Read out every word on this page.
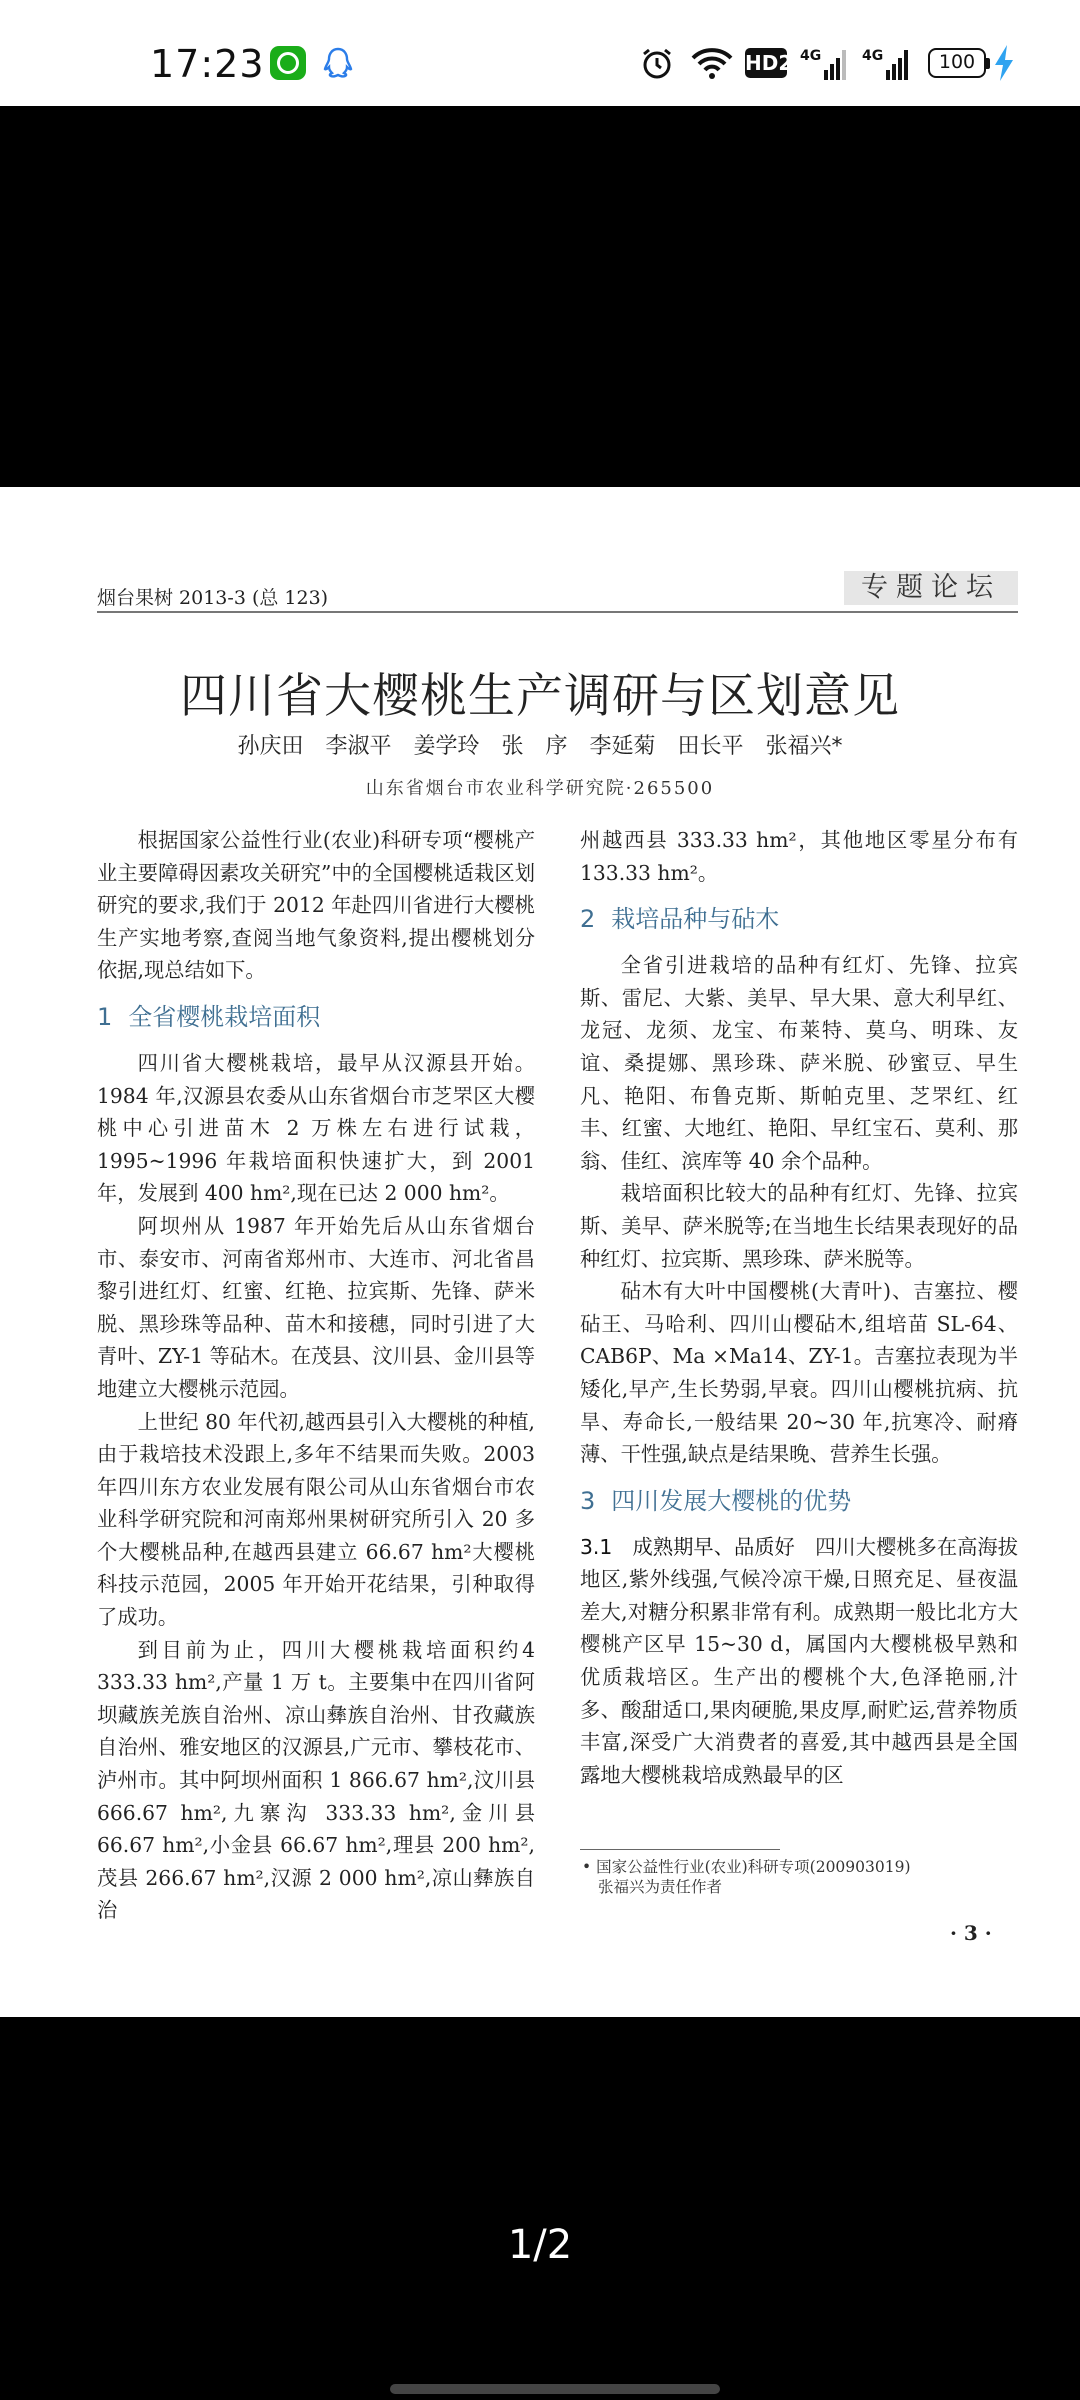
17:23	HD2 4G	4G	100
烟台果树 2013-3 (总 123)	专题论坛
四川省大樱桃生产调研与区划意见
孙庆田　李淑平　姜学玲　张　序　李延菊　田长平　张福兴*
山东省烟台市农业科学研究院·265500

根据国家公益性行业(农业)科研专项“樱桃产业主要障碍因素攻关研究”中的全国樱桃适栽区划研究的要求,我们于 2012 年赴四川省进行大樱桃生产实地考察,查阅当地气象资料,提出樱桃划分依据,现总结如下。

1 全省樱桃栽培面积

四川省大樱桃栽培，最早从汉源县开始。1984 年,汉源县农委从山东省烟台市芝罘区大樱桃中心引进苗木 2 万株左右进行试栽，1995~1996 年栽培面积快速扩大，到 2001 年，发展到 400 hm²,现在已达 2 000 hm²。

阿坝州从 1987 年开始先后从山东省烟台市、泰安市、河南省郑州市、大连市、河北省昌黎引进红灯、红蜜、红艳、拉宾斯、先锋、萨米脱、黑珍珠等品种、苗木和接穗，同时引进了大青叶、ZY-1 等砧木。在茂县、汶川县、金川县等地建立大樱桃示范园。

上世纪 80 年代初,越西县引入大樱桃的种植,由于栽培技术没跟上,多年不结果而失败。2003 年四川东方农业发展有限公司从山东省烟台市农业科学研究院和河南郑州果树研究所引入 20 多个大樱桃品种,在越西县建立 66.67 hm²大樱桃科技示范园，2005 年开始开花结果，引种取得了成功。

到目前为止，四川大樱桃栽培面积约4 333.33 hm²,产量 1 万 t。主要集中在四川省阿坝藏族羌族自治州、凉山彝族自治州、甘孜藏族自治州、雅安地区的汉源县,广元市、攀枝花市、泸州市。其中阿坝州面积 1 866.67 hm²,汶川县 666.67 hm²,九寨沟 333.33 hm²,金川县 66.67 hm²,小金县 66.67 hm²,理县 200 hm²,茂县 266.67 hm²,汉源 2 000 hm²,凉山彝族自治

州越西县 333.33 hm²，其他地区零星分布有 133.33 hm²。

2 栽培品种与砧木

全省引进栽培的品种有红灯、先锋、拉宾斯、雷尼、大紫、美早、早大果、意大利早红、龙冠、龙须、龙宝、布莱特、莫乌、明珠、友谊、桑提娜、黑珍珠、萨米脱、砂蜜豆、早生凡、艳阳、布鲁克斯、斯帕克里、芝罘红、红丰、红蜜、大地红、艳阳、早红宝石、莫利、那翁、佳红、滨库等 40 余个品种。

栽培面积比较大的品种有红灯、先锋、拉宾斯、美早、萨米脱等;在当地生长结果表现好的品种红灯、拉宾斯、黑珍珠、萨米脱等。

砧木有大叶中国樱桃(大青叶)、吉塞拉、樱砧王、马哈利、四川山樱砧木,组培苗 SL-64、CAB6P、Ma ×Ma14、ZY-1。吉塞拉表现为半矮化,早产,生长势弱,早衰。四川山樱桃抗病、抗旱、寿命长,一般结果 20~30 年,抗寒冷、耐瘠薄、干性强,缺点是结果晚、营养生长强。

3 四川发展大樱桃的优势

3.1　成熟期早、品质好　四川大樱桃多在高海拔地区,紫外线强,气候冷凉干燥,日照充足、昼夜温差大,对糖分积累非常有利。成熟期一般比北方大樱桃产区早 15~30 d，属国内大樱桃极早熟和优质栽培区。生产出的樱桃个大,色泽艳丽,汁多、酸甜适口,果肉硬脆,果皮厚,耐贮运,营养物质丰富,深受广大消费者的喜爱,其中越西县是全国露地大樱桃栽培成熟最早的区

• 国家公益性行业(农业)科研专项(200903019)
张福兴为责任作者
· 3 ·
1/2
